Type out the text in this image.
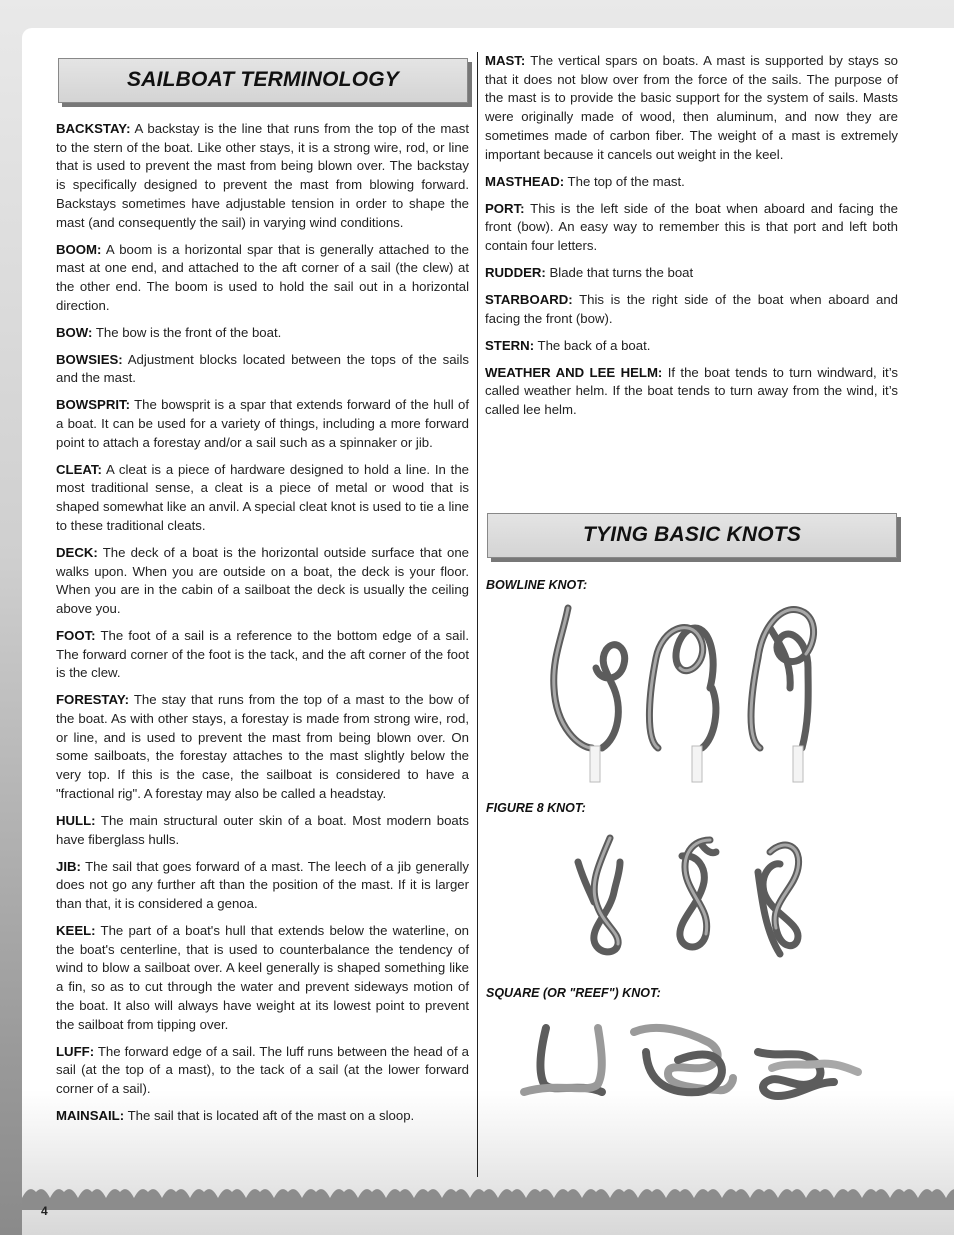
SAILBOAT TERMINOLOGY

BACKSTAY: A backstay is the line that runs from the top of the mast to the stern of the boat. Like other stays, it is a strong wire, rod, or line that is used to prevent the mast from being blown over. The backstay is specifically designed to prevent the mast from blowing forward. Backstays sometimes have adjustable tension in order to shape the mast (and consequently the sail) in varying wind conditions.

BOOM: A boom is a horizontal spar that is generally attached to the mast at one end, and attached to the aft corner of a sail (the clew) at the other end. The boom is used to hold the sail out in a horizontal direction.

BOW: The bow is the front of the boat.

BOWSIES: Adjustment blocks located between the tops of the sails and the mast.

BOWSPRIT: The bowsprit is a spar that extends forward of the hull of a boat. It can be used for a variety of things, including a more forward point to attach a forestay and/or a sail such as a spinnaker or jib.

CLEAT: A cleat is a piece of hardware designed to hold a line. In the most traditional sense, a cleat is a piece of metal or wood that is shaped somewhat like an anvil. A special cleat knot is used to tie a line to these traditional cleats.

DECK: The deck of a boat is the horizontal outside surface that one walks upon. When you are outside on a boat, the deck is your floor. When you are in the cabin of a sailboat the deck is usually the ceiling above you.

FOOT: The foot of a sail is a reference to the bottom edge of a sail. The forward corner of the foot is the tack, and the aft corner of the foot is the clew.

FORESTAY: The stay that runs from the top of a mast to the bow of the boat. As with other stays, a forestay is made from strong wire, rod, or line, and is used to prevent the mast from being blown over. On some sailboats, the forestay attaches to the mast slightly below the very top. If this is the case, the sailboat is considered to have a "fractional rig". A forestay may also be called a headstay.

HULL: The main structural outer skin of a boat. Most modern boats have fiberglass hulls.

JIB: The sail that goes forward of a mast. The leech of a jib generally does not go any further aft than the position of the mast. If it is larger than that, it is considered a genoa.

KEEL: The part of a boat's hull that extends below the waterline, on the boat's centerline, that is used to counterbalance the tendency of wind to blow a sailboat over. A keel generally is shaped something like a fin, so as to cut through the water and prevent sideways motion of the boat. It also will always have weight at its lowest point to prevent the sailboat from tipping over.

LUFF: The forward edge of a sail. The luff runs between the head of a sail (at the top of a mast), to the tack of a sail (at the lower forward corner of a sail).

MAINSAIL: The sail that is located aft of the mast on a sloop.

MAST: The vertical spars on boats. A mast is supported by stays so that it does not blow over from the force of the sails. The purpose of the mast is to provide the basic support for the system of sails. Masts were originally made of wood, then aluminum, and now they are sometimes made of carbon fiber. The weight of a mast is extremely important because it cancels out weight in the keel.

MASTHEAD: The top of the mast.

PORT: This is the left side of the boat when aboard and facing the front (bow). An easy way to remember this is that port and left both contain four letters.

RUDDER: Blade that turns the boat

STARBOARD: This is the right side of the boat when aboard and facing the front (bow).

STERN: The back of a boat.

WEATHER AND LEE HELM: If the boat tends to turn windward, it’s called weather helm. If the boat tends to turn away from the wind, it’s called lee helm.

TYING BASIC KNOTS
BOWLINE KNOT:
FIGURE 8 KNOT:
SQUARE (OR "REEF") KNOT:
4
